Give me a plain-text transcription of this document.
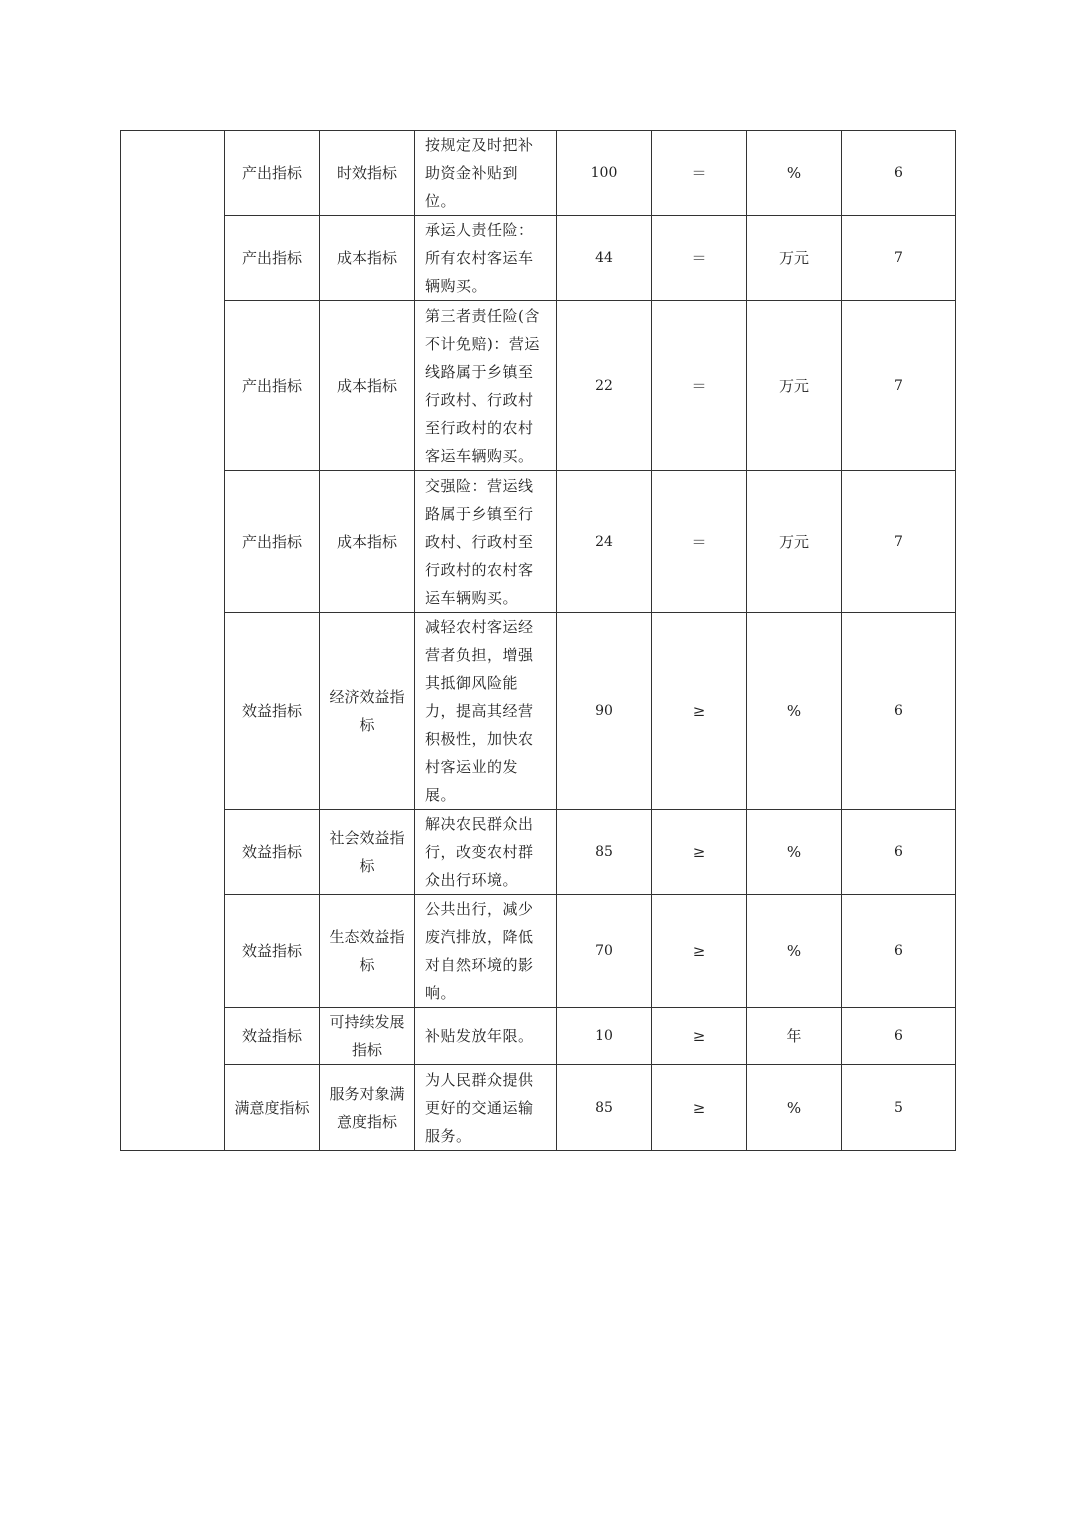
	产出指标	时效指标	按规定及时把补助资金补贴到位。	100	＝	%	6
	产出指标	成本指标	承运人责任险：所有农村客运车辆购买。	44	＝	万元	7
	产出指标	成本指标	第三者责任险(含不计免赔)：营运线路属于乡镇至行政村、行政村至行政村的农村客运车辆购买。	22	＝	万元	7
	产出指标	成本指标	交强险：营运线路属于乡镇至行政村、行政村至行政村的农村客运车辆购买。	24	＝	万元	7
	效益指标	经济效益指标	减轻农村客运经营者负担，增强其抵御风险能力，提高其经营积极性，加快农村客运业的发展。	90	≥	%	6
	效益指标	社会效益指标	解决农民群众出行，改变农村群众出行环境。	85	≥	%	6
	效益指标	生态效益指标	公共出行，减少废汽排放，降低对自然环境的影响。	70	≥	%	6
	效益指标	可持续发展指标	补贴发放年限。	10	≥	年	6
	满意度指标	服务对象满意度指标	为人民群众提供更好的交通运输服务。	85	≥	%	5
